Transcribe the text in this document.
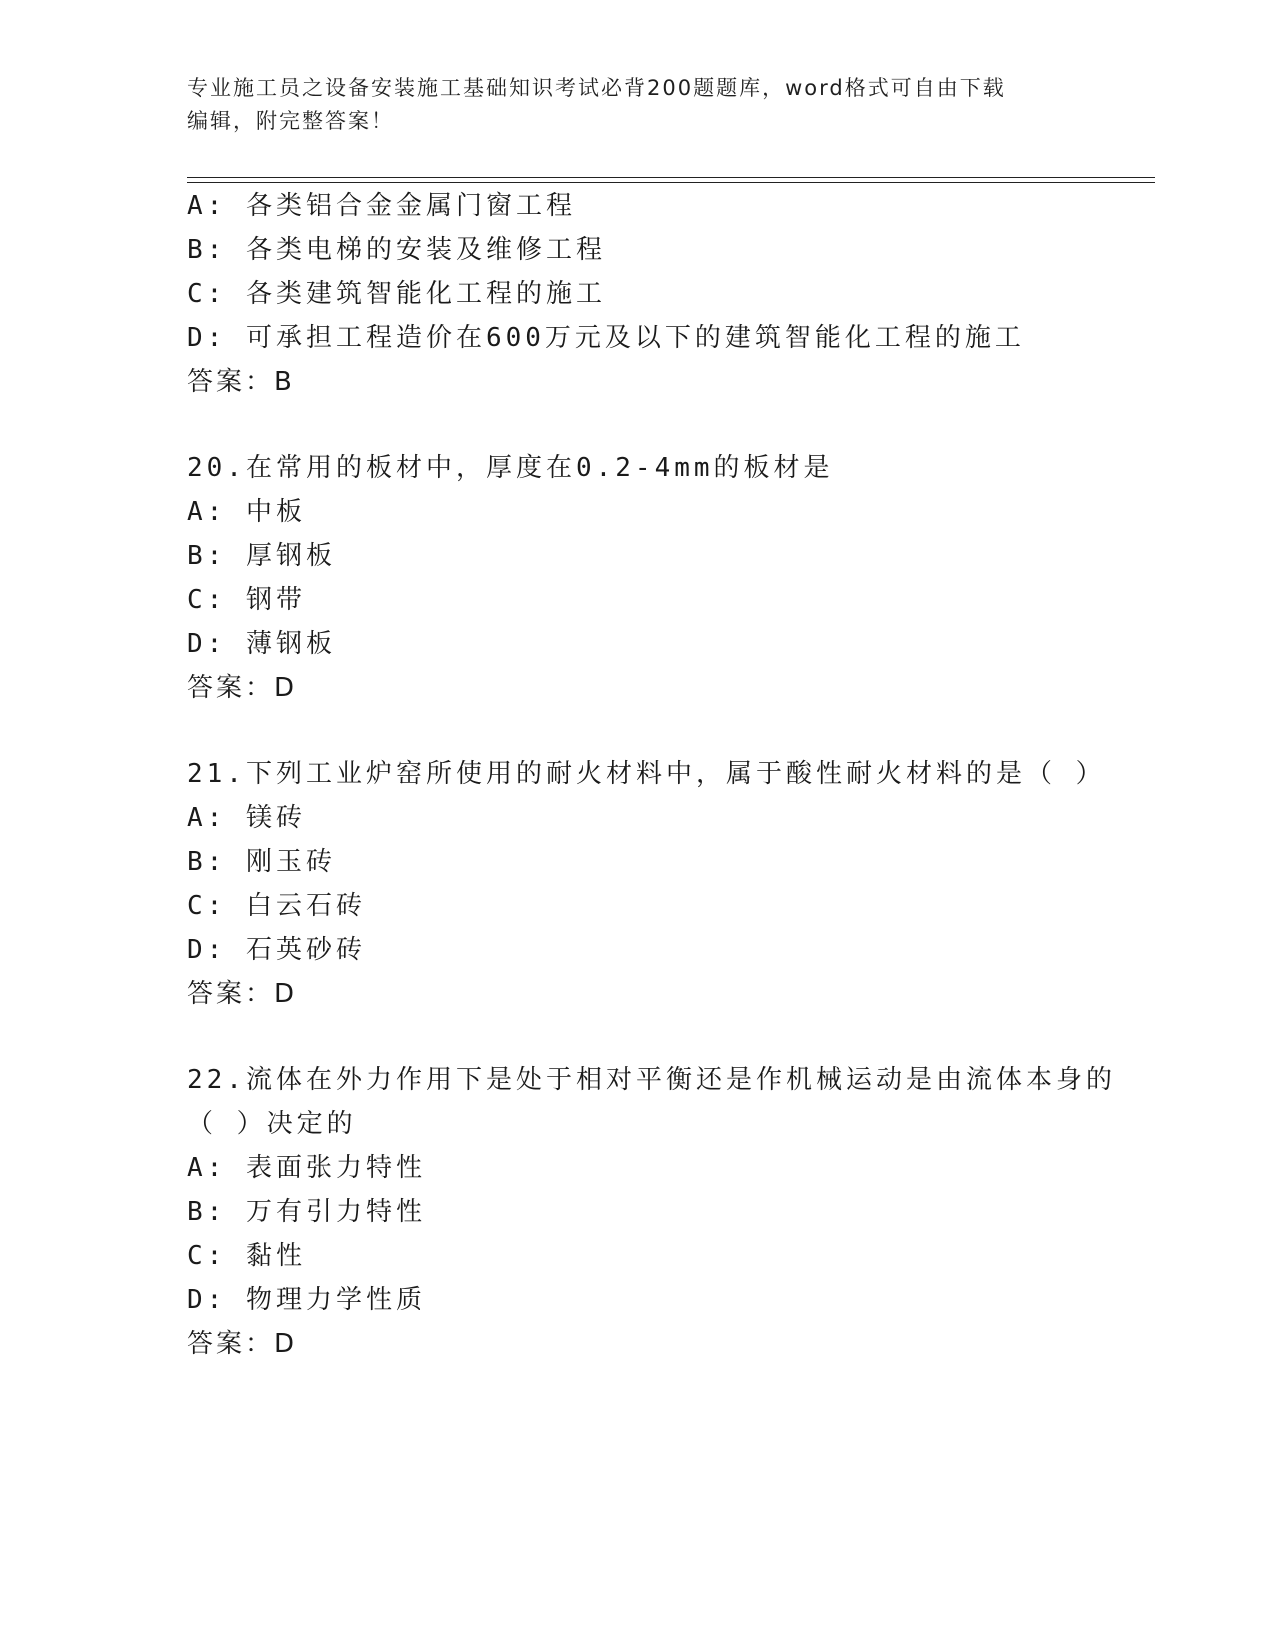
专业施工员之设备安装施工基础知识考试必背200题题库，word格式可自由下载
编辑，附完整答案！
A: 各类铝合金金属门窗工程
B: 各类电梯的安装及维修工程
C: 各类建筑智能化工程的施工
D: 可承担工程造价在600万元及以下的建筑智能化工程的施工
答案：B
20.在常用的板材中，厚度在0.2-4mm的板材是
A: 中板
B: 厚钢板
C: 钢带
D: 薄钢板
答案：D
21.下列工业炉窑所使用的耐火材料中，属于酸性耐火材料的是（ ）
A: 镁砖
B: 刚玉砖
C: 白云石砖
D: 石英砂砖
答案：D
22.流体在外力作用下是处于相对平衡还是作机械运动是由流体本身的
（ ）决定的
A: 表面张力特性
B: 万有引力特性
C: 黏性
D: 物理力学性质
答案：D
